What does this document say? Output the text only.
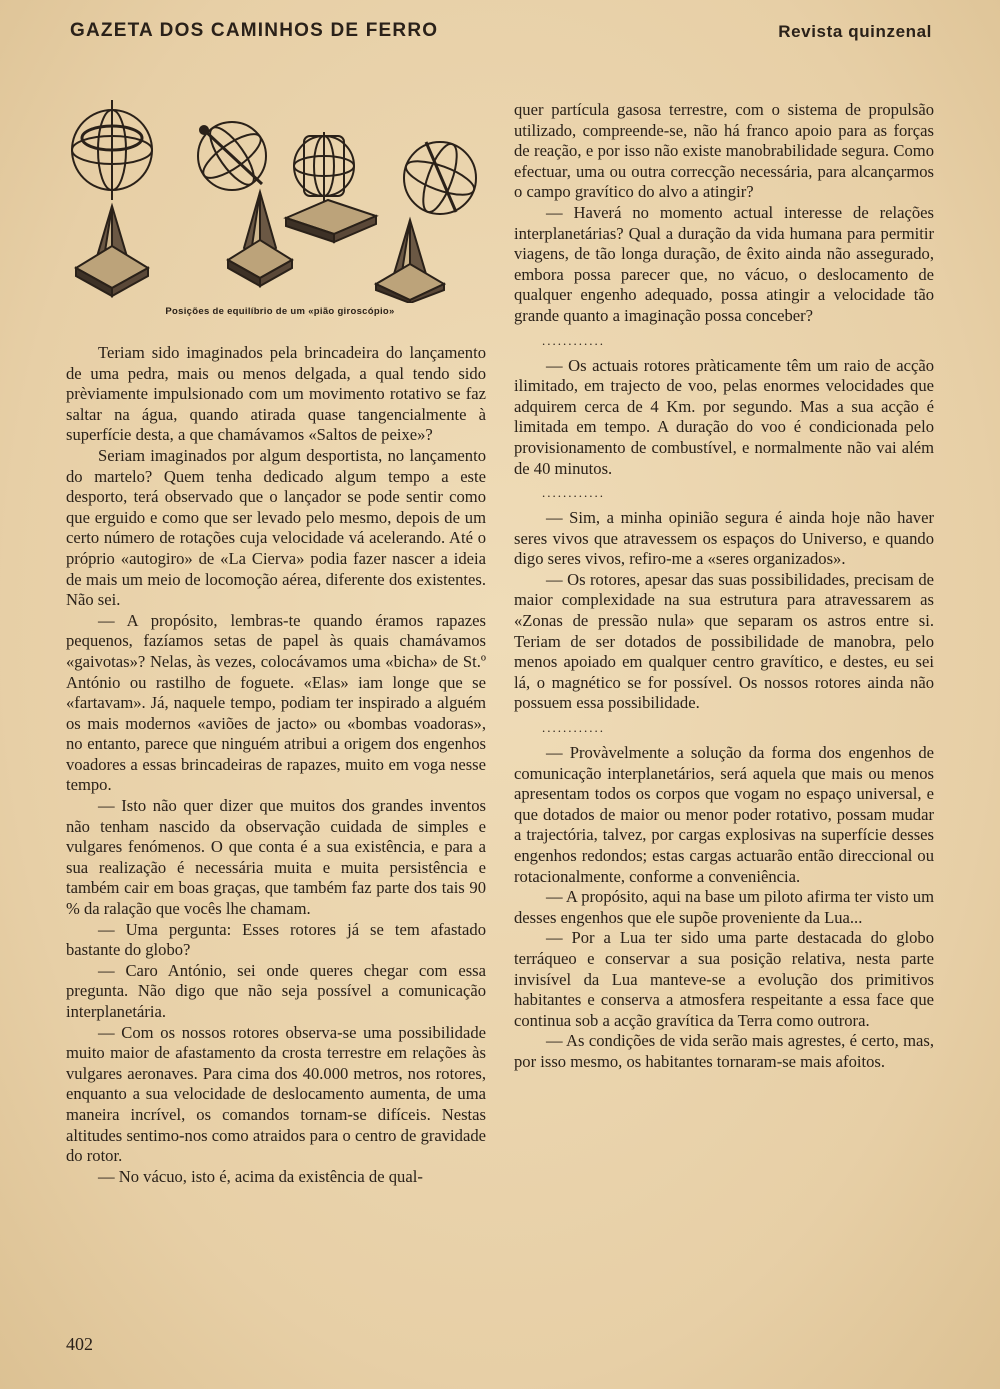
GAZETA DOS CAMINHOS DE FERRO	Revista quinzenal
Posições de equilíbrio de um «pião giroscópio»

Teriam sido imaginados pela brincadeira do lançamento de uma pedra, mais ou menos delgada, a qual tendo sido prèviamente impulsionado com um movimento rotativo se faz saltar na água, quando atirada quase tangencialmente à superfície desta, a que chamávamos «Saltos de peixe»?

Seriam imaginados por algum desportista, no lançamento do martelo? Quem tenha dedicado algum tempo a este desporto, terá observado que o lançador se pode sentir como que erguido e como que ser levado pelo mesmo, depois de um certo número de rotações cuja velocidade vá acelerando. Até o próprio «autogiro» de «La Cierva» podia fazer nascer a ideia de mais um meio de locomoção aérea, diferente dos existentes. Não sei.

— A propósito, lembras-te quando éramos rapazes pequenos, fazíamos setas de papel às quais chamávamos «gaivotas»? Nelas, às vezes, colocávamos uma «bicha» de St.º António ou rastilho de foguete. «Elas» iam longe que se «fartavam». Já, naquele tempo, podiam ter inspirado a alguém os mais modernos «aviões de jacto» ou «bombas voadoras», no entanto, parece que ninguém atribui a origem dos engenhos voadores a essas brincadeiras de rapazes, muito em voga nesse tempo.

— Isto não quer dizer que muitos dos grandes inventos não tenham nascido da observação cuidada de simples e vulgares fenómenos. O que conta é a sua existência, e para a sua realização é necessária muita e muita persistência e também cair em boas graças, que também faz parte dos tais 90 % da ralação que vocês lhe chamam.

— Uma pergunta: Esses rotores já se tem afastado bastante do globo?

— Caro António, sei onde queres chegar com essa pregunta. Não digo que não seja possível a comunicação interplanetária.

— Com os nossos rotores observa-se uma possibilidade muito maior de afastamento da crosta terrestre em relações às vulgares aeronaves. Para cima dos 40.000 metros, nos rotores, enquanto a sua velocidade de deslocamento aumenta, de uma maneira incrível, os comandos tornam-se difíceis. Nestas altitudes sentimo-nos como atraidos para o centro de gravidade do rotor.

— No vácuo, isto é, acima da existência de qual-

quer partícula gasosa terrestre, com o sistema de propulsão utilizado, compreende-se, não há franco apoio para as forças de reação, e por isso não existe manobrabilidade segura. Como efectuar, uma ou outra correcção necessária, para alcançarmos o campo gravítico do alvo a atingir?

— Haverá no momento actual interesse de relações interplanetárias? Qual a duração da vida humana para permitir viagens, de tão longa duração, de êxito ainda não assegurado, embora possa parecer que, no vácuo, o deslocamento de qualquer engenho adequado, possa atingir a velocidade tão grande quanto a imaginação possa conceber?

............

— Os actuais rotores pràticamente têm um raio de acção ilimitado, em trajecto de voo, pelas enormes velocidades que adquirem cerca de 4 Km. por segundo. Mas a sua acção é limitada em tempo. A duração do voo é condicionada pelo provisionamento de combustível, e normalmente não vai além de 40 minutos.

............

— Sim, a minha opinião segura é ainda hoje não haver seres vivos que atravessem os espaços do Universo, e quando digo seres vivos, refiro-me a «seres organizados».

— Os rotores, apesar das suas possibilidades, precisam de maior complexidade na sua estrutura para atravessarem as «Zonas de pressão nula» que separam os astros entre si. Teriam de ser dotados de possibilidade de manobra, pelo menos apoiado em qualquer centro gravítico, e destes, eu sei lá, o magnético se for possível. Os nossos rotores ainda não possuem essa possibilidade.

............

— Provàvelmente a solução da forma dos engenhos de comunicação interplanetários, será aquela que mais ou menos apresentam todos os corpos que vogam no espaço universal, e que dotados de maior ou menor poder rotativo, possam mudar a trajectória, talvez, por cargas explosivas na superfície desses engenhos redondos; estas cargas actuarão então direccional ou rotacionalmente, conforme a conveniência.

— A propósito, aqui na base um piloto afirma ter visto um desses engenhos que ele supõe proveniente da Lua...

— Por a Lua ter sido uma parte destacada do globo terráqueo e conservar a sua posição relativa, nesta parte invisível da Lua manteve-se a evolução dos primitivos habitantes e conserva a atmosfera respeitante a essa face que continua sob a acção gravítica da Terra como outrora.

— As condições de vida serão mais agrestes, é certo, mas, por isso mesmo, os habitantes tornaram-se mais afoitos.

402
